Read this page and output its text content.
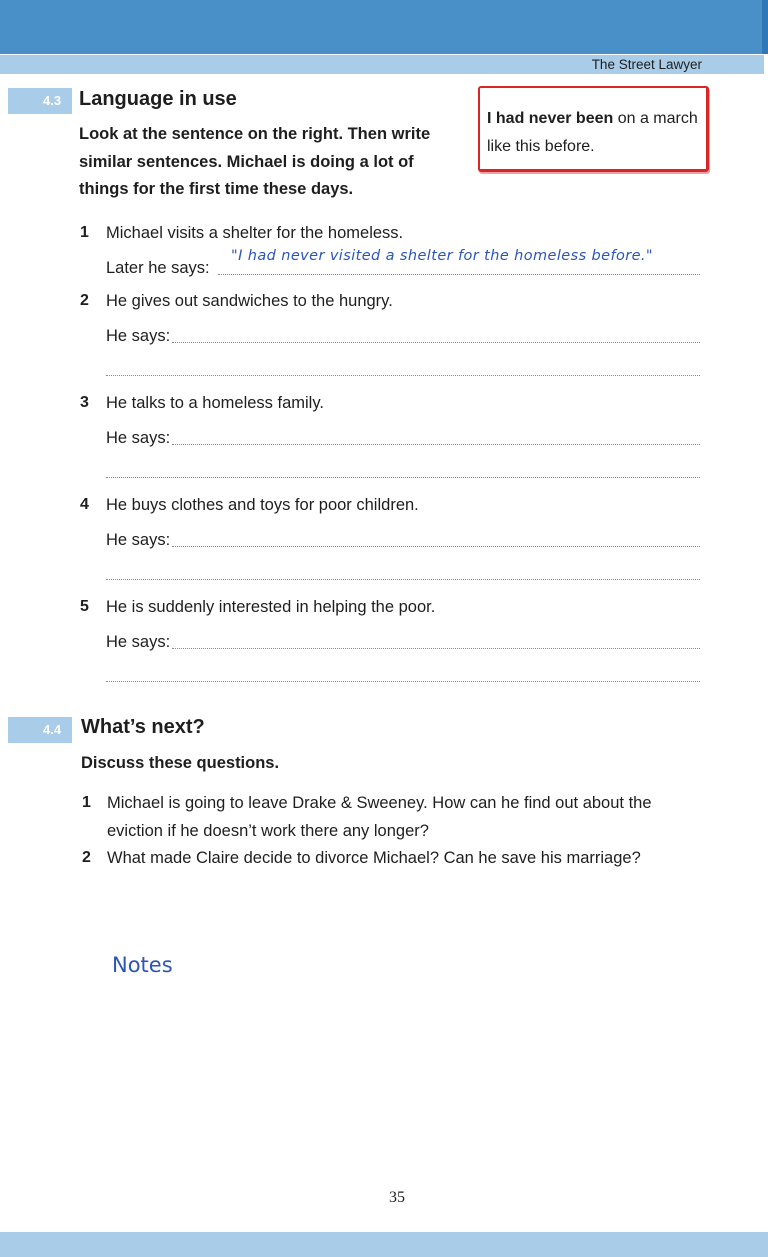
The Street Lawyer
4.3 Language in use
Look at the sentence on the right. Then write similar sentences. Michael is doing a lot of things for the first time these days.
I had never been on a march like this before.
1 Michael visits a shelter for the homeless.
Later he says:
"I had never visited a shelter for the homeless before."
2 He gives out sandwiches to the hungry.
He says:
3 He talks to a homeless family.
He says:
4 He buys clothes and toys for poor children.
He says:
5 He is suddenly interested in helping the poor.
He says:
4.4 What’s next?
Discuss these questions.
1 Michael is going to leave Drake & Sweeney. How can he find out about the
eviction if he doesn’t work there any longer?
2 What made Claire decide to divorce Michael? Can he save his marriage?
Notes
35
